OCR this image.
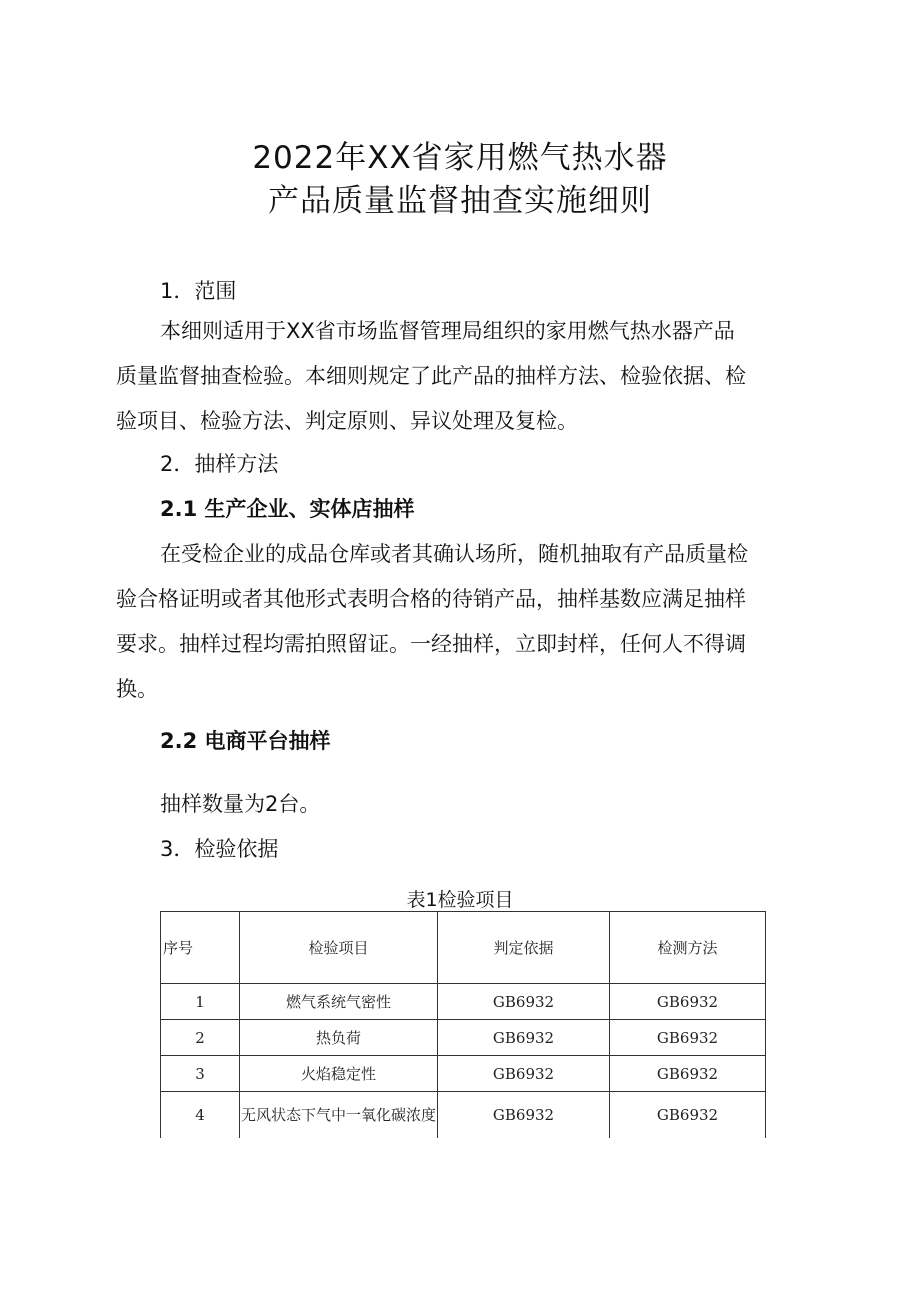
2022年XX省家用燃气热水器
产品质量监督抽查实施细则
1．范围
本细则适用于XX省市场监督管理局组织的家用燃气热水器产品
质量监督抽查检验。本细则规定了此产品的抽样方法、检验依据、检
验项目、检验方法、判定原则、异议处理及复检。
2．抽样方法
2.1 生产企业、实体店抽样
在受检企业的成品仓库或者其确认场所，随机抽取有产品质量检
验合格证明或者其他形式表明合格的待销产品，抽样基数应满足抽样
要求。抽样过程均需拍照留证。一经抽样，立即封样，任何人不得调
换。
2.2 电商平台抽样
抽样数量为2台。
3．检验依据
表1检验项目
序号	检验项目	判定依据	检测方法
1	燃气系统气密性	GB6932	GB6932
2	热负荷	GB6932	GB6932
3	火焰稳定性	GB6932	GB6932
4	无风状态下气中一氧化碳浓度	GB6932	GB6932
